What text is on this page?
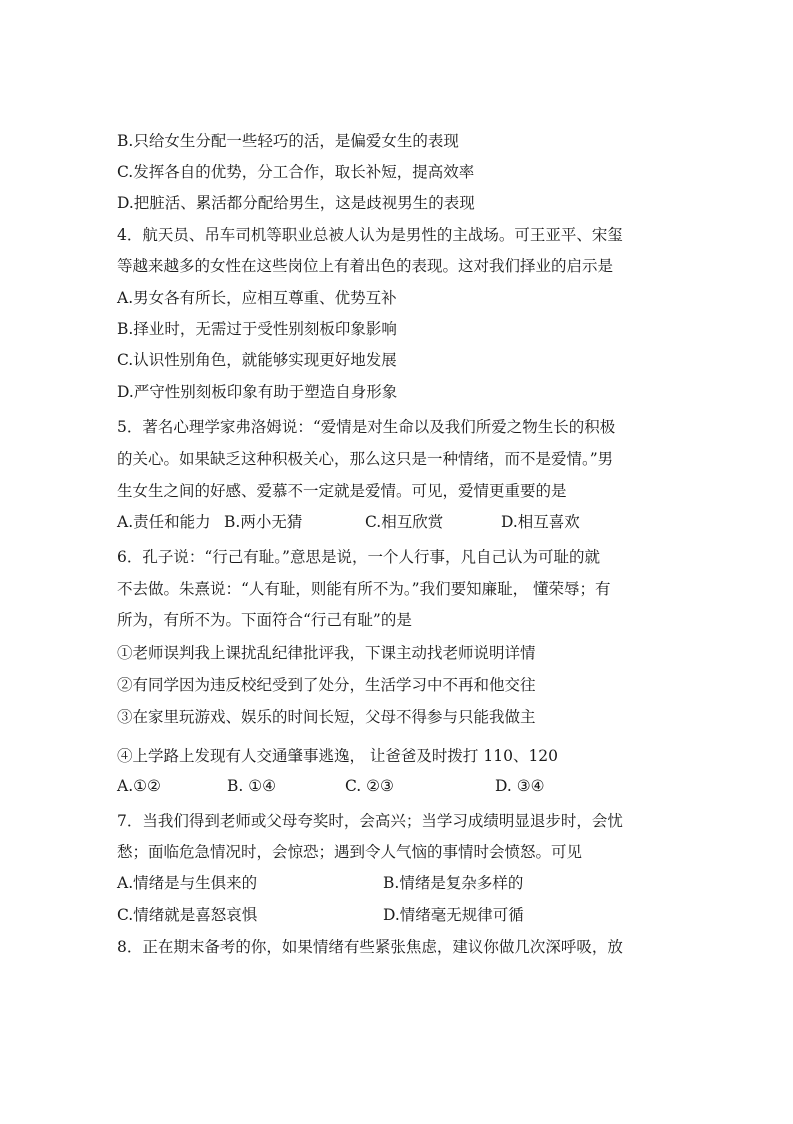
B.只给女生分配一些轻巧的活，是偏爱女生的表现
C.发挥各自的优势，分工合作，取长补短，提高效率
D.把脏活、累活都分配给男生，这是歧视男生的表现
4．航天员、吊车司机等职业总被人认为是男性的主战场。可王亚平、宋玺
等越来越多的女性在这些岗位上有着出色的表现。这对我们择业的启示是
A.男女各有所长，应相互尊重、优势互补
B.择业时，无需过于受性别刻板印象影响
C.认识性别角色，就能够实现更好地发展
D.严守性别刻板印象有助于塑造自身形象
5．著名心理学家弗洛姆说：“爱情是对生命以及我们所爱之物生长的积极
的关心。如果缺乏这种积极关心，那么这只是一种情绪，而不是爱情。”男
生女生之间的好感、爱慕不一定就是爱情。可见，爱情更重要的是
A.责任和能力 B.两小无猜	C.相互欣赏	D.相互喜欢
6．孔子说：“行己有耻。”意思是说，一个人行事，凡自己认为可耻的就
不去做。朱熹说：“人有耻，则能有所不为。”我们要知廉耻， 懂荣辱；有
所为，有所不为。下面符合“行己有耻”的是
①老师误判我上课扰乱纪律批评我，下课主动找老师说明详情
②有同学因为违反校纪受到了处分，生活学习中不再和他交往
③在家里玩游戏、娱乐的时间长短，父母不得参与只能我做主
④上学路上发现有人交通肇事逃逸， 让爸爸及时拨打 110、120
A.①②	B. ①④	C. ②③	D. ③④
7．当我们得到老师或父母夸奖时，会高兴；当学习成绩明显退步时，会忧
愁；面临危急情况时，会惊恐；遇到令人气恼的事情时会愤怒。可见
A.情绪是与生俱来的	B.情绪是复杂多样的
C.情绪就是喜怒哀惧	D.情绪毫无规律可循
8．正在期末备考的你，如果情绪有些紧张焦虑，建议你做几次深呼吸，放
